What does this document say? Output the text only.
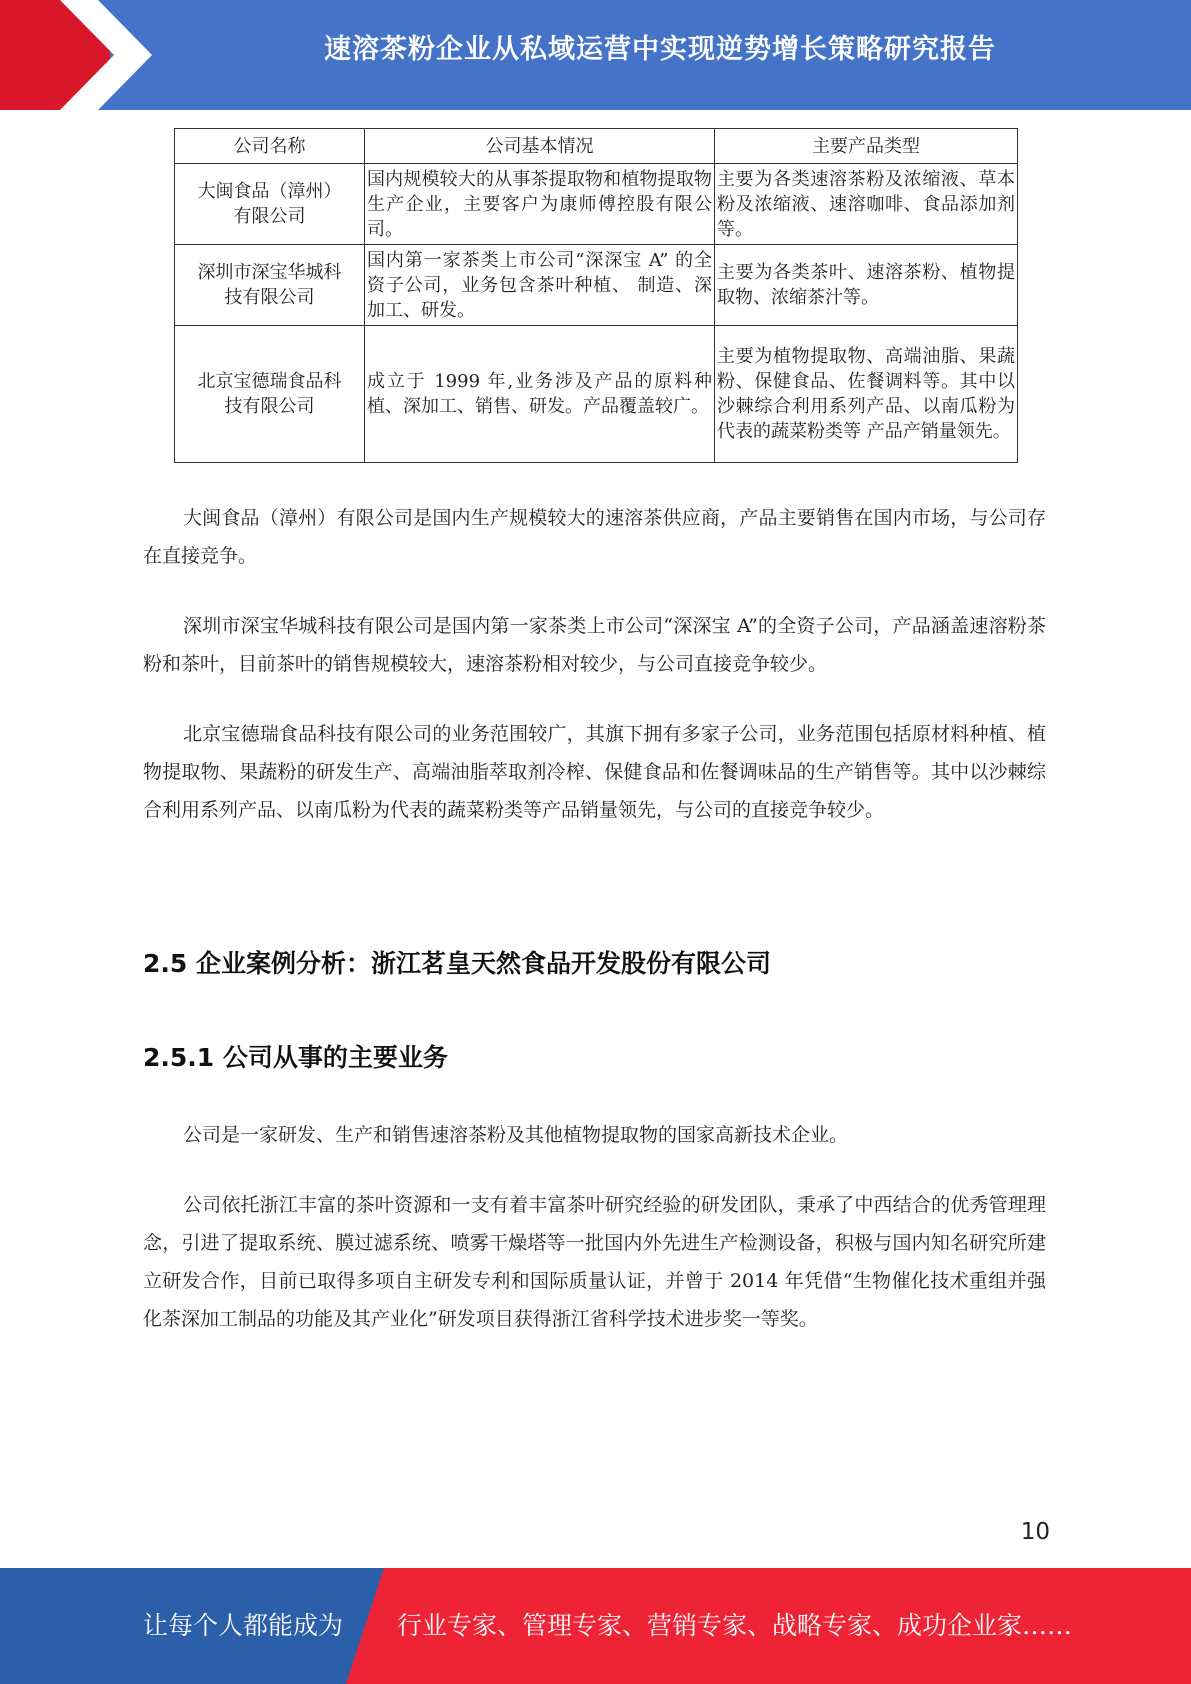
速溶茶粉企业从私域运营中实现逆势增长策略研究报告
公司名称	公司基本情况	主要产品类型
大闽食品（漳州）有限公司	国内规模较大的从事茶提取物和植物提取物生产企业，主要客户为康师傅控股有限公司。	主要为各类速溶茶粉及浓缩液、草本粉及浓缩液、速溶咖啡、食品添加剂等。
深圳市深宝华城科技有限公司	国内第一家茶类上市公司“深深宝 A” 的全资子公司，业务包含茶叶种植、 制造、深加工、研发。	主要为各类茶叶、速溶茶粉、植物提取物、浓缩茶汁等。
北京宝德瑞食品科技有限公司	成立于 1999 年,业务涉及产品的原料种植、深加工、销售、研发。产品覆盖较广。	主要为植物提取物、高端油脂、果蔬粉、保健食品、佐餐调料等。其中以沙棘综合利用系列产品、以南瓜粉为代表的蔬菜粉类等 产品产销量领先。

大闽食品（漳州）有限公司是国内生产规模较大的速溶茶供应商，产品主要销售在国内市场，与公司存在直接竞争。

深圳市深宝华城科技有限公司是国内第一家茶类上市公司“深深宝 A”的全资子公司，产品涵盖速溶粉茶粉和茶叶，目前茶叶的销售规模较大，速溶茶粉相对较少，与公司直接竞争较少。

北京宝德瑞食品科技有限公司的业务范围较广，其旗下拥有多家子公司，业务范围包括原材料种植、植物提取物、果蔬粉的研发生产、高端油脂萃取剂冷榨、保健食品和佐餐调味品的生产销售等。其中以沙棘综合利用系列产品、以南瓜粉为代表的蔬菜粉类等产品销量领先，与公司的直接竞争较少。

2.5 企业案例分析：浙江茗皇天然食品开发股份有限公司
2.5.1 公司从事的主要业务

公司是一家研发、生产和销售速溶茶粉及其他植物提取物的国家高新技术企业。

公司依托浙江丰富的茶叶资源和一支有着丰富茶叶研究经验的研发团队，秉承了中西结合的优秀管理理念，引进了提取系统、膜过滤系统、喷雾干燥塔等一批国内外先进生产检测设备，积极与国内知名研究所建立研发合作，目前已取得多项自主研发专利和国际质量认证，并曾于 2014 年凭借“生物催化技术重组并强化茶深加工制品的功能及其产业化”研发项目获得浙江省科学技术进步奖一等奖。

10
让每个人都能成为 行业专家、管理专家、营销专家、战略专家、成功企业家……
